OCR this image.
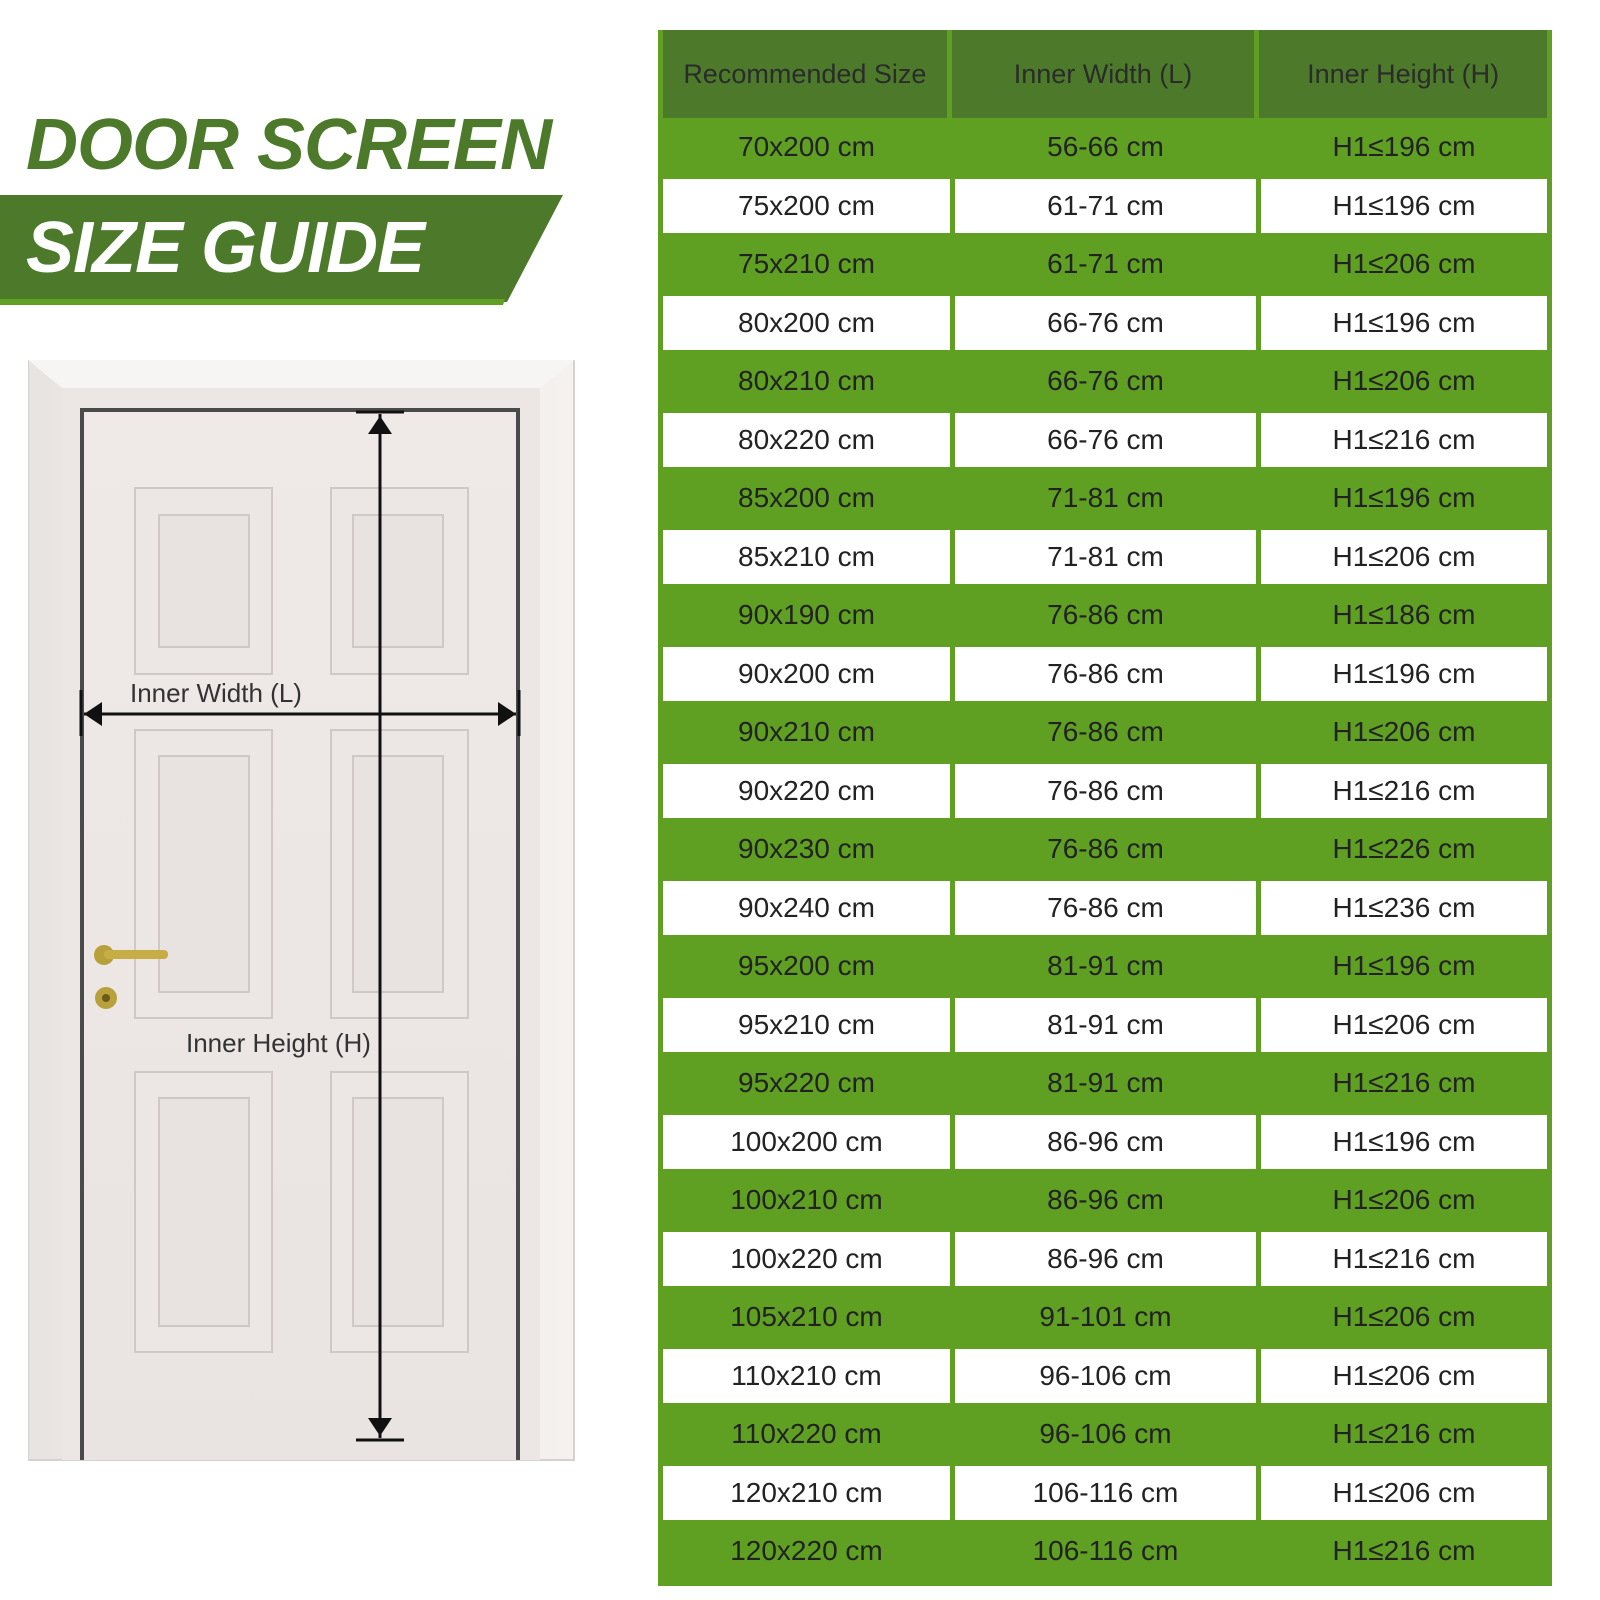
DOOR SCREEN
SIZE GUIDE
Inner Width (L)
Inner Height (H)
Recommended Size	Inner Width (L)	Inner Height (H)
70x200 cm	56-66 cm	H1≤196 cm
75x200 cm	61-71 cm	H1≤196 cm
75x210 cm	61-71 cm	H1≤206 cm
80x200 cm	66-76 cm	H1≤196 cm
80x210 cm	66-76 cm	H1≤206 cm
80x220 cm	66-76 cm	H1≤216 cm
85x200 cm	71-81 cm	H1≤196 cm
85x210 cm	71-81 cm	H1≤206 cm
90x190 cm	76-86 cm	H1≤186 cm
90x200 cm	76-86 cm	H1≤196 cm
90x210 cm	76-86 cm	H1≤206 cm
90x220 cm	76-86 cm	H1≤216 cm
90x230 cm	76-86 cm	H1≤226 cm
90x240 cm	76-86 cm	H1≤236 cm
95x200 cm	81-91 cm	H1≤196 cm
95x210 cm	81-91 cm	H1≤206 cm
95x220 cm	81-91 cm	H1≤216 cm
100x200 cm	86-96 cm	H1≤196 cm
100x210 cm	86-96 cm	H1≤206 cm
100x220 cm	86-96 cm	H1≤216 cm
105x210 cm	91-101 cm	H1≤206 cm
110x210 cm	96-106 cm	H1≤206 cm
110x220 cm	96-106 cm	H1≤216 cm
120x210 cm	106-116 cm	H1≤206 cm
120x220 cm	106-116 cm	H1≤216 cm
